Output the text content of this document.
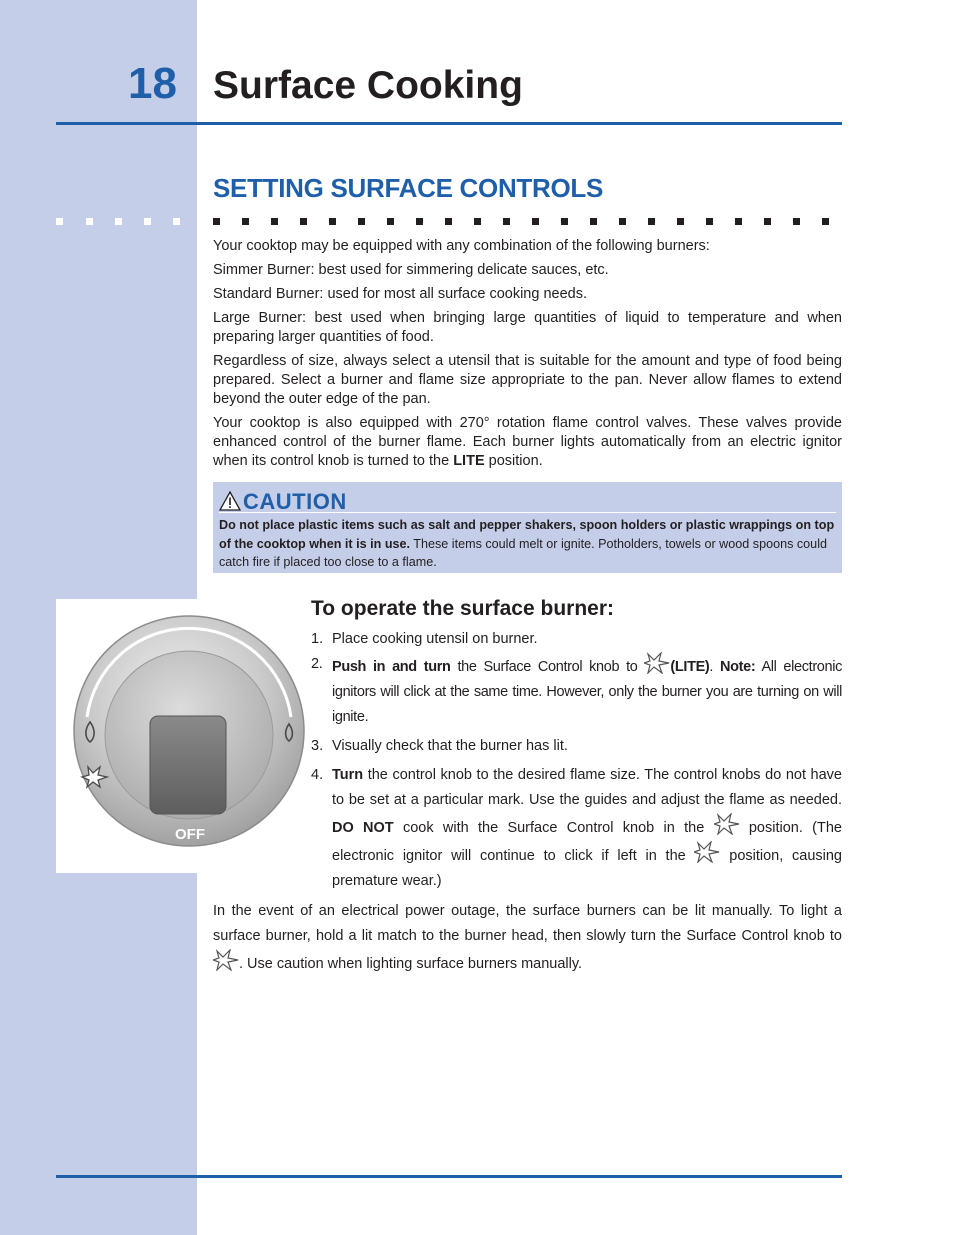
18 Surface Cooking
SETTING SURFACE CONTROLS

Your cooktop may be equipped with any combination of the following burners:

Simmer Burner: best used for simmering delicate sauces, etc.

Standard Burner: used for most all surface cooking needs.

Large Burner: best used when bringing large quantities of liquid to temperature and when preparing larger quantities of food.

Regardless of size, always select a utensil that is suitable for the amount and type of food being prepared. Select a burner and flame size appropriate to the pan. Never allow flames to extend beyond the outer edge of the pan.

Your cooktop is also equipped with 270° rotation flame control valves. These valves provide enhanced control of the burner flame. Each burner lights automatically from an electric ignitor when its control knob is turned to the LITE position.

CAUTION
Do not place plastic items such as salt and pepper shakers, spoon holders or plastic wrappings on top of the cooktop when it is in use. These items could melt or ignite. Potholders, towels or wood spoons could catch fire if placed too close to a flame.
OFF
To operate the surface burner:
1. Place cooking utensil on burner.
2. Push in and turn the Surface Control knob to (LITE). Note: All electronic ignitors will click at the same time. However, only the burner you are turning on will ignite.
3. Visually check that the burner has lit.
4. Turn the control knob to the desired flame size. The control knobs do not have to be set at a particular mark. Use the guides and adjust the flame as needed. DO NOT cook with the Surface Control knob in the  position. (The electronic ignitor will continue to click if left in the  position, causing premature wear.)
In the event of an electrical power outage, the surface burners can be lit manually. To light a surface burner, hold a lit match to the burner head, then slowly turn the Surface Control knob to . Use caution when lighting surface burners manually.
